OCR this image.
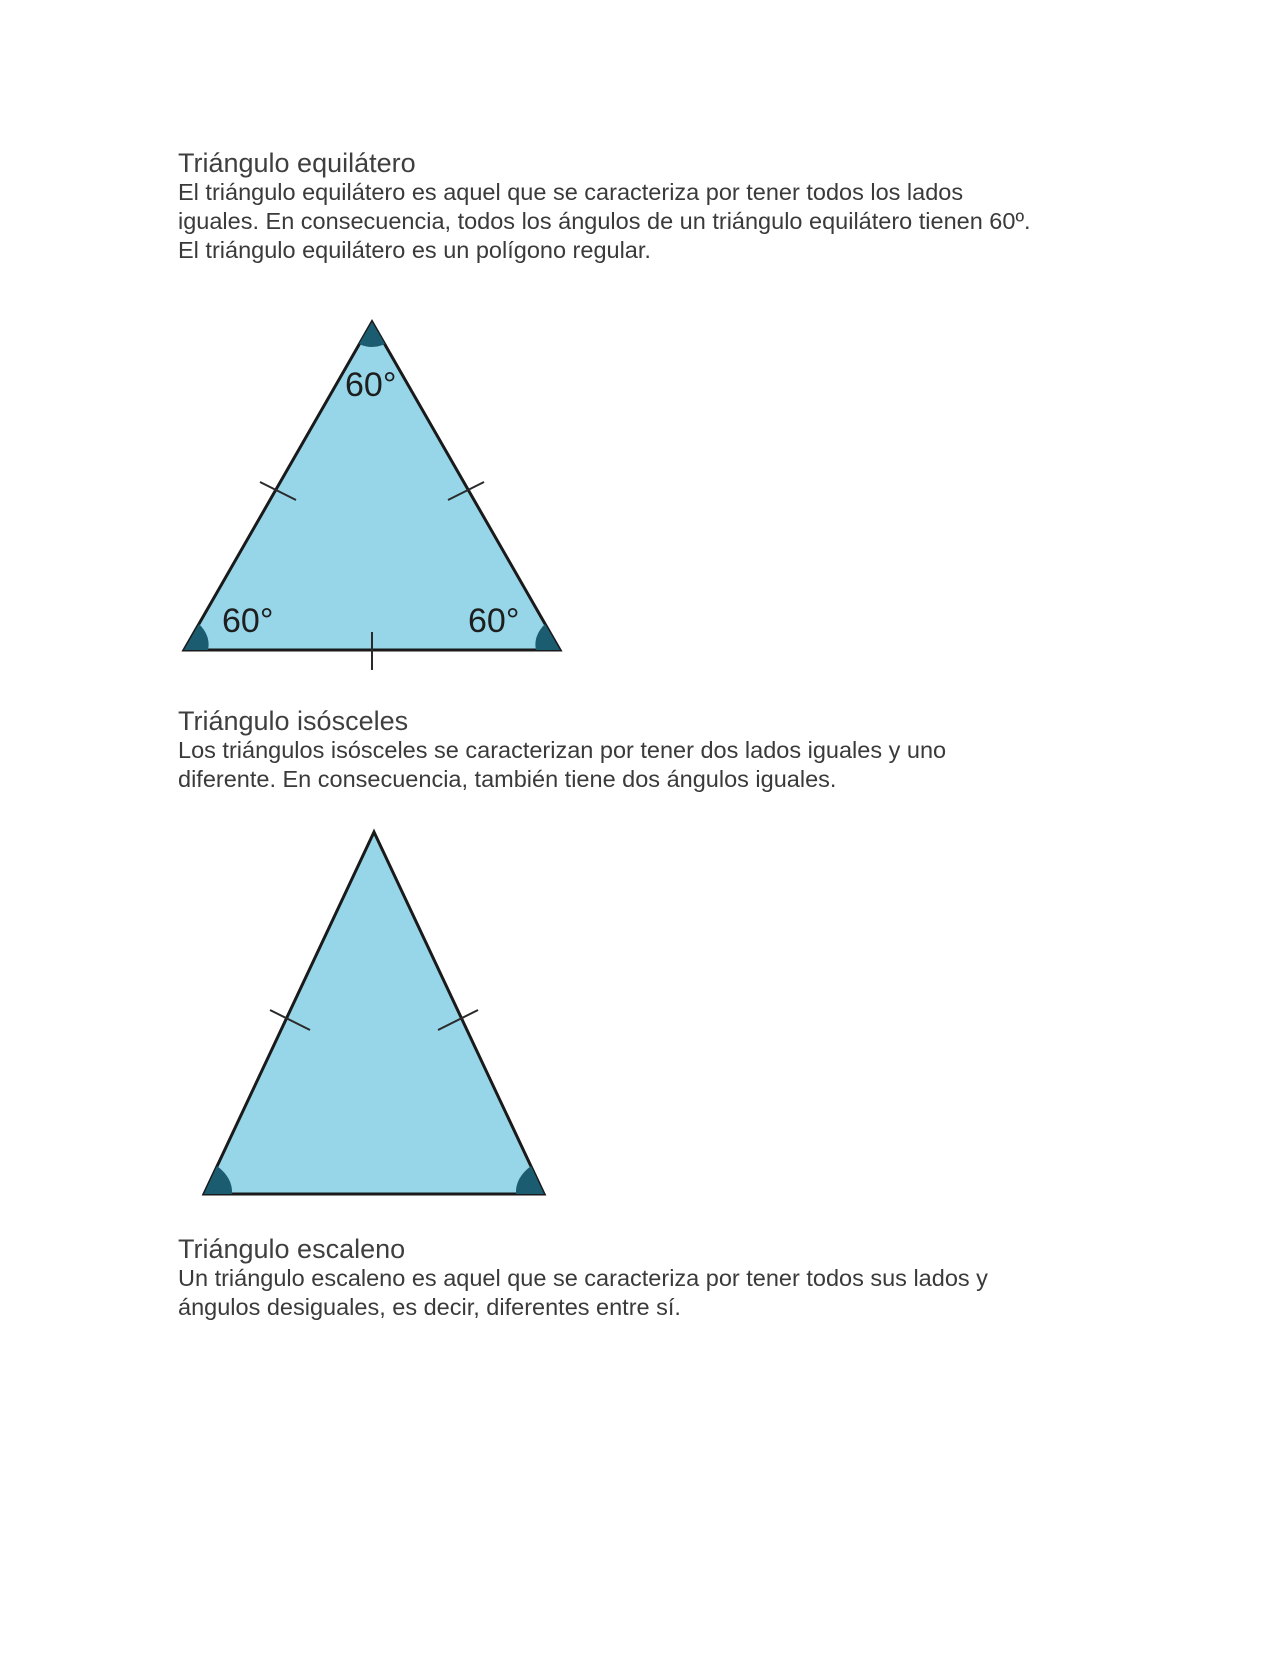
Triángulo equilátero

El triángulo equilátero es aquel que se caracteriza por tener todos los lados
iguales. En consecuencia, todos los ángulos de un triángulo equilátero tienen 60º.
El triángulo equilátero es un polígono regular.

60°
60°	60°
Triángulo isósceles

Los triángulos isósceles se caracterizan por tener dos lados iguales y uno
diferente. En consecuencia, también tiene dos ángulos iguales.

Triángulo escaleno

Un triángulo escaleno es aquel que se caracteriza por tener todos sus lados y
ángulos desiguales, es decir, diferentes entre sí.
